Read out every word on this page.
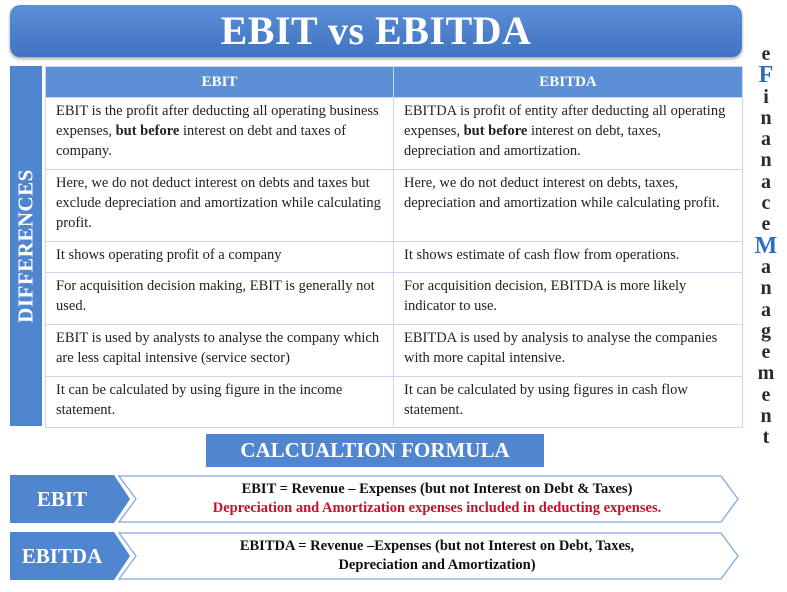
EBIT vs EBITDA
DIFFERENCES
EBIT	EBITDA
EBIT is the profit after deducting all operating business expenses, but before interest on debt and taxes of company.	EBITDA is profit of entity after deducting all operating expenses, but before interest on debt, taxes, depreciation and amortization.
Here, we do not deduct interest on debts and taxes but exclude depreciation and amortization while calculating profit.	Here, we do not deduct interest on debts, taxes, depreciation and amortization while calculating profit.
It shows operating profit of a company	It shows estimate of cash flow from operations.
For acquisition decision making, EBIT is generally not used.	For acquisition decision, EBITDA is more likely indicator to use.
EBIT is used by analysts to analyse the company which are less capital intensive (service sector)	EBITDA is used by analysis to analyse the companies with more capital intensive.
It can be calculated by using figure in the income statement.	It can be calculated by using figures in cash flow statement.
e
F
i
n
a
n
a
c
e
M
a
n
a
g
e
m
e
n
t
CALCUALTION FORMULA
EBIT	EBIT = Revenue – Expenses (but not Interest on Debt & Taxes)
Depreciation and Amortization expenses included in deducting expenses.
EBITDA	EBITDA = Revenue –Expenses (but not Interest on Debt, Taxes,
Depreciation and Amortization)
